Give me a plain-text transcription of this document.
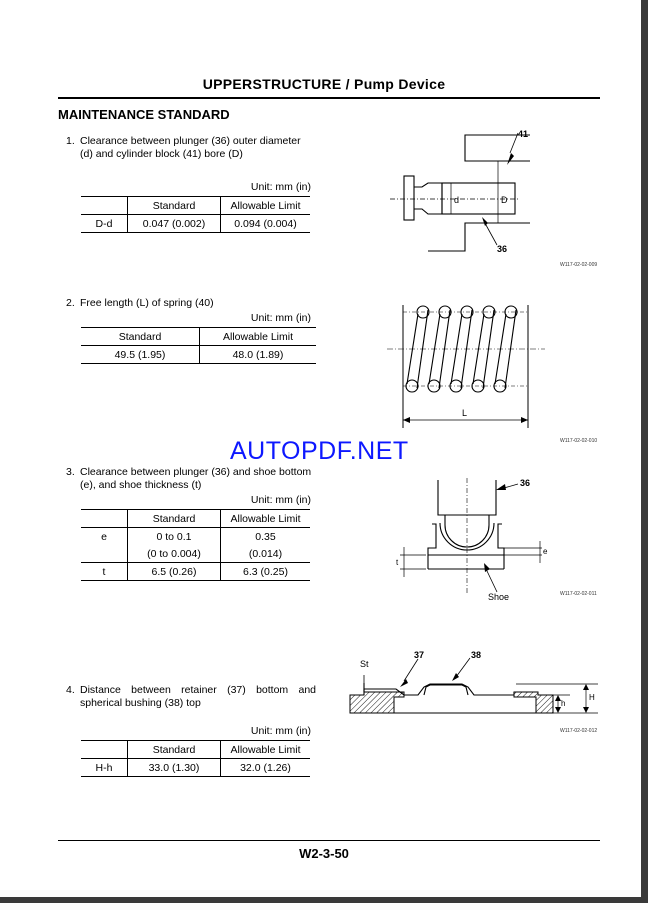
UPPERSTRUCTURE / Pump Device
MAINTENANCE STANDARD
1. Clearance between plunger (36) outer diameter
(d) and cylinder block (41) bore (D)
Unit: mm (in)
	Standard	Allowable Limit
D-d	0.047 (0.002)	0.094 (0.004)
41
d	D
36
W117-02-02-009
2. Free length (L) of spring (40)
Unit: mm (in)
Standard	Allowable Limit
49.5 (1.95)	48.0 (1.89)
L
W117-02-02-010
AUTOPDF.NET
3. Clearance between plunger (36) and shoe bottom
(e), and shoe thickness (t)
Unit: mm (in)
	Standard	Allowable Limit
e	0 to 0.1	0.35
	(0 to 0.004)	(0.014)
t	6.5 (0.26)	6.3 (0.25)
36
e
t
Shoe	W117-02-02-011
4. Distance between retainer (37) bottom and
spherical bushing (38) top
Unit: mm (in)
	Standard	Allowable Limit
H-h	33.0 (1.30)	32.0 (1.26)
St
37	38
h
H
W117-02-02-012
W2-3-50
